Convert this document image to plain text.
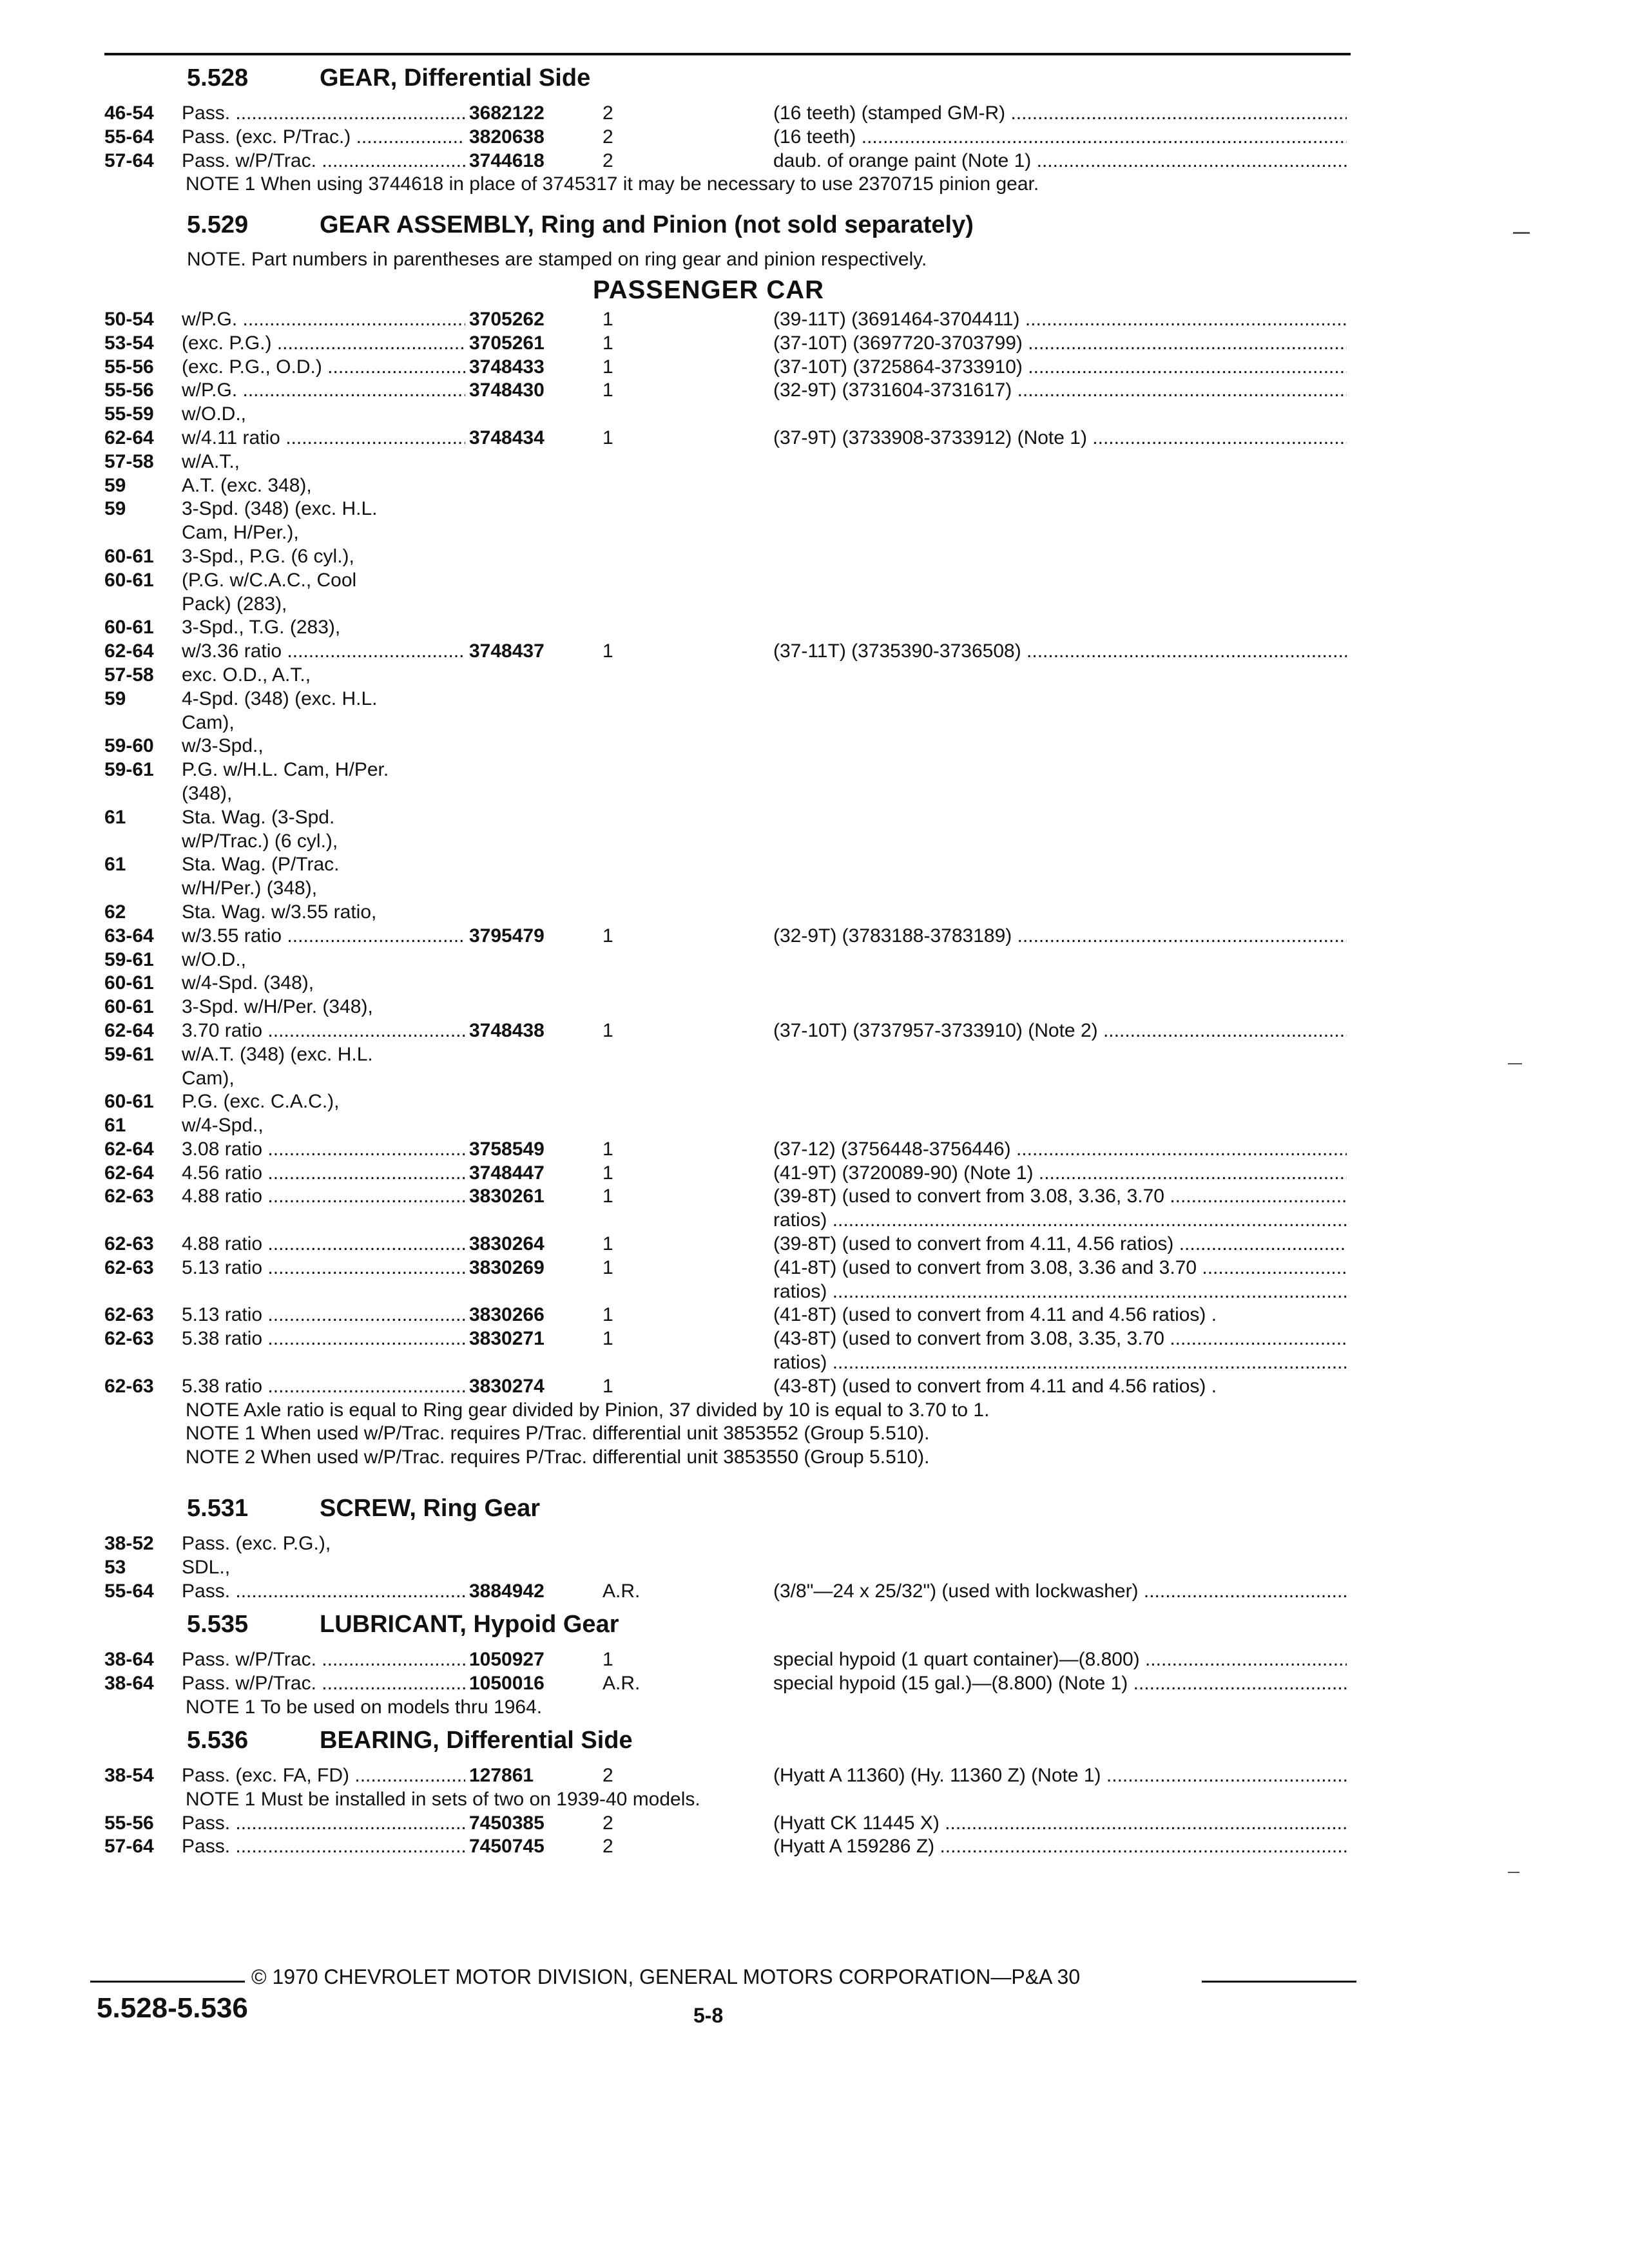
5.528	GEAR, Differential Side
46-54	Pass. .....	3682122	2	(16 teeth) (stamped GM-R) .....
55-64	Pass. (exc. P/Trac.) .....	3820638	2	(16 teeth) .....
57-64	Pass. w/P/Trac. .....	3744618	2	daub. of orange paint (Note 1) .....
NOTE 1 When using 3744618 in place of 3745317 it may be necessary to use 2370715 pinion gear.
5.529	GEAR ASSEMBLY, Ring and Pinion (not sold separately)
NOTE. Part numbers in parentheses are stamped on ring gear and pinion respectively.
PASSENGER CAR
50-54	w/P.G. .....	3705262	1	(39-11T) (3691464-3704411) .....
53-54	(exc. P.G.) .....	3705261	1	(37-10T) (3697720-3703799) .....
55-56	(exc. P.G., O.D.) .....	3748433	1	(37-10T) (3725864-3733910) .....
55-56	w/P.G. .....	3748430	1	(32-9T) (3731604-3731617) .....
55-59	w/O.D.,
62-64	w/4.11 ratio .....	3748434	1	(37-9T) (3733908-3733912) (Note 1) .....
57-58	w/A.T.,
59	A.T. (exc. 348),
59	3-Spd. (348) (exc. H.L.
Cam, H/Per.),
60-61	3-Spd., P.G. (6 cyl.),
60-61	(P.G. w/C.A.C., Cool
Pack) (283),
60-61	3-Spd., T.G. (283),
62-64	w/3.36 ratio .....	3748437	1	(37-11T) (3735390-3736508) .....
57-58	exc. O.D., A.T.,
59	4-Spd. (348) (exc. H.L.
Cam),
59-60	w/3-Spd.,
59-61	P.G. w/H.L. Cam, H/Per.
(348),
61	Sta. Wag. (3-Spd.
w/P/Trac.) (6 cyl.),
61	Sta. Wag. (P/Trac.
w/H/Per.) (348),
62	Sta. Wag. w/3.55 ratio,
63-64	w/3.55 ratio .....	3795479	1	(32-9T) (3783188-3783189) .....
59-61	w/O.D.,
60-61	w/4-Spd. (348),
60-61	3-Spd. w/H/Per. (348),
62-64	3.70 ratio .....	3748438	1	(37-10T) (3737957-3733910) (Note 2) .....
59-61	w/A.T. (348) (exc. H.L.
Cam),
60-61	P.G. (exc. C.A.C.),
61	w/4-Spd.,
62-64	3.08 ratio .....	3758549	1	(37-12) (3756448-3756446) .....
62-64	4.56 ratio .....	3748447	1	(41-9T) (3720089-90) (Note 1) .....
62-63	4.88 ratio .....	3830261	1	(39-8T) (used to convert from 3.08, 3.36, 3.70 .....
ratios) .....
62-63	4.88 ratio .....	3830264	1	(39-8T) (used to convert from 4.11, 4.56 ratios) .....
62-63	5.13 ratio .....	3830269	1	(41-8T) (used to convert from 3.08, 3.36 and 3.70 .....
ratios) .....
62-63	5.13 ratio .....	3830266	1	(41-8T) (used to convert from 4.11 and 4.56 ratios) .
62-63	5.38 ratio .....	3830271	1	(43-8T) (used to convert from 3.08, 3.35, 3.70 .....
ratios) .....
62-63	5.38 ratio .....	3830274	1	(43-8T) (used to convert from 4.11 and 4.56 ratios) .
NOTE Axle ratio is equal to Ring gear divided by Pinion, 37 divided by 10 is equal to 3.70 to 1.
NOTE 1 When used w/P/Trac. requires P/Trac. differential unit 3853552 (Group 5.510).
NOTE 2 When used w/P/Trac. requires P/Trac. differential unit 3853550 (Group 5.510).
5.531	SCREW, Ring Gear
38-52	Pass. (exc. P.G.),
53	SDL.,
55-64	Pass. .....	3884942	A.R.	(3/8"—24 x 25/32") (used with lockwasher) .....
5.535	LUBRICANT, Hypoid Gear
38-64	Pass. w/P/Trac. .....	1050927	1	special hypoid (1 quart container)—(8.800) .....
38-64	Pass. w/P/Trac. .....	1050016	A.R.	special hypoid (15 gal.)—(8.800) (Note 1) .....
NOTE 1 To be used on models thru 1964.
5.536	BEARING, Differential Side
38-54	Pass. (exc. FA, FD) .....	127861	2	(Hyatt A 11360) (Hy. 11360 Z) (Note 1) .....
NOTE 1 Must be installed in sets of two on 1939-40 models.
55-56	Pass. .....	7450385	2	(Hyatt CK 11445 X) .....
57-64	Pass. .....	7450745	2	(Hyatt A 159286 Z) .....
© 1970 CHEVROLET MOTOR DIVISION, GENERAL MOTORS CORPORATION—P&A 30
5.528-5.536	5-8
